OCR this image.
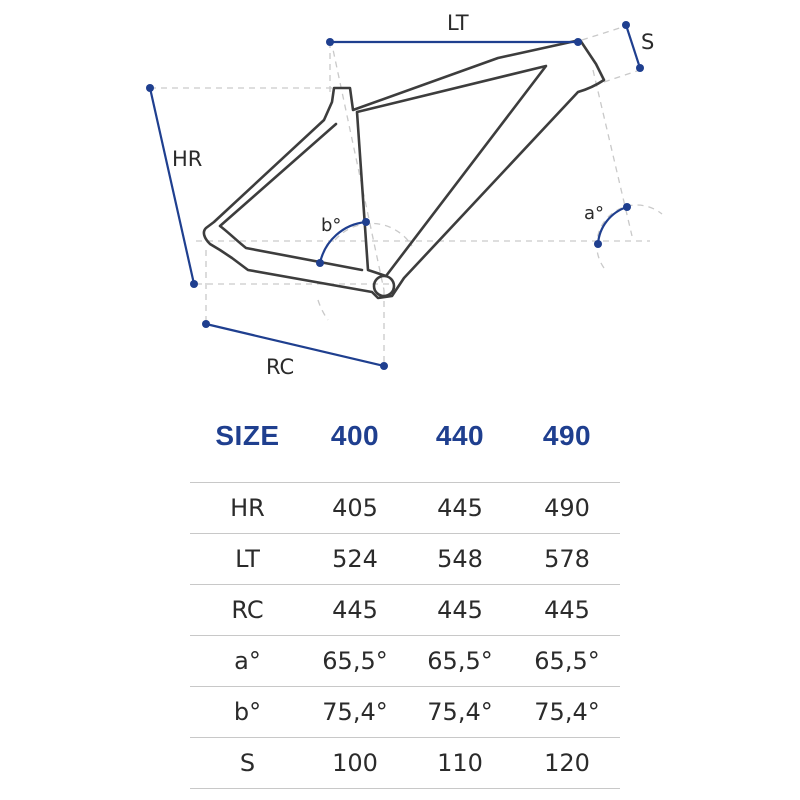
LT
S
HR
RC
b°
a°
SIZE	400	440	490
HR	405	445	490
LT	524	548	578
RC	445	445	445
a°	65,5°	65,5°	65,5°
b°	75,4°	75,4°	75,4°
S	100	110	120
